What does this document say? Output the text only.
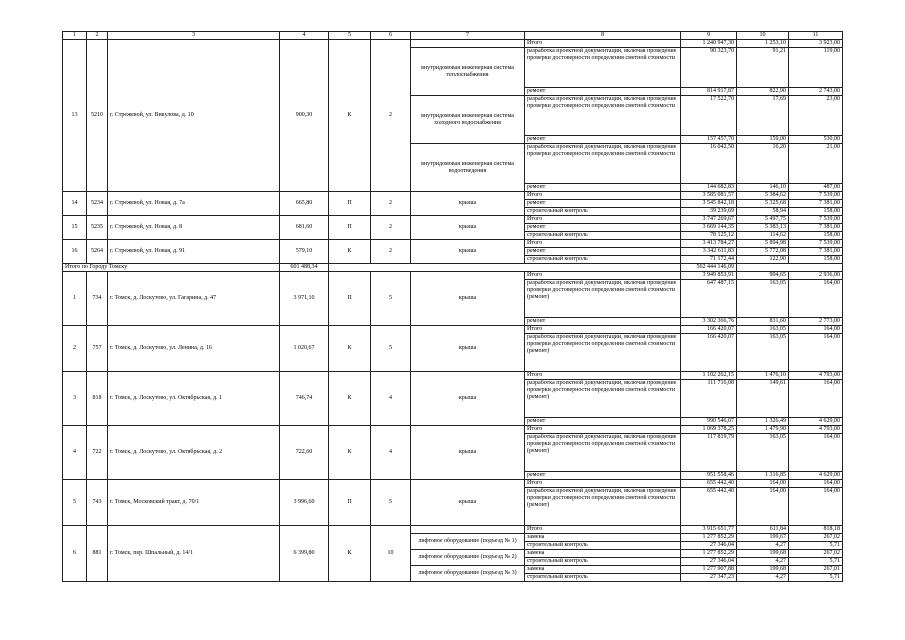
1	2	3	4	5	6	7	8	9	10	11
13	5210	г. Стрежевой, ул. Викулова, д. 10	900,30	К	2		Итого	1 240 947,30	1 253,10	3 923,00
						внутридомовая инженерная система теплоснабжения	разработка проектной документации, включая проведение проверки достоверности определения сметной стоимости	90 323,70	91,21	119,00
							ремонт	814 917,87	822,90	2 743,00
						внутридомовая инженерная система холодного водоснабжения	разработка проектной документации, включая проведение проверки достоверности определения сметной стоимости	17 522,70	17,69	23,00
							ремонт	157 457,70	159,00	530,00
						внутридомовая инженерная система водоотведения	разработка проектной документации, включая проведение проверки достоверности определения сметной стоимости	16 042,50	16,20	21,00
							ремонт	144 682,83	146,10	487,00
14	5234	г. Стрежевой, ул. Новая, д. 7а	665,80	П	2	крыша	Итого	3 585 081,57	5 384,62	7 539,00
							ремонт	3 545 842,18	5 325,68	7 381,00
							строительный контроль	39 239,69	58,94	158,00
15	5235	г. Стрежевой, ул. Новая, д. 8	681,60	П	2	крыша	Итого	3 747 269,67	5 497,75	7 539,00
							ремонт	3 669 144,35	5 383,13	7 381,00
							строительный контроль	78 125,12	114,62	158,00
16	5264	г. Стрежевой, ул. Новая, д. 91	579,10	К	2	крыша	Итого	3 413 784,27	5 894,98	7 539,00
							ремонт	3 342 611,83	5 772,08	7 381,00
							строительный контроль	71 172,44	122,90	158,00
Итого по Городу Томску			601 488,34					562 444 146,09		
1	734	г. Томск, д. Лоскутово, ул. Гагарина, д. 47	3 971,10	П	5	крыша	Итого	3 949 853,91	994,65	2 936,00
							разработка проектной документации, включая проведение проверки достоверности определения сметной стоимости (ремонт)	647 487,15	163,05	164,00
							ремонт	3 302 366,76	831,60	2 773,00
2	757	г. Томск, д. Лоскутово, ул. Ленина, д. 16	1 020,67	К	5	крыша	Итого	166 420,07	163,05	164,00
							разработка проектной документации, включая проведение проверки достоверности определения сметной стоимости (ремонт)	166 420,07	163,05	164,00
3	818	г. Томск, д. Лоскутово, ул. Октябрьская, д. 1	746,74	К	4	крыша	Итого	1 102 262,15	1 476,10	4 793,00
							разработка проектной документации, включая проведение проверки достоверности определения сметной стоимости (ремонт)	111 716,08	149,61	164,00
							ремонт	990 546,07	1 326,49	4 629,00
4	722	г. Томск, д. Лоскутово, ул. Октябрьская, д. 2	722,60	К	4	крыша	Итого	1 069 378,25	1 479,90	4 793,00
							разработка проектной документации, включая проведение проверки достоверности определения сметной стоимости (ремонт)	117 819,79	163,05	164,00
							ремонт	951 558,46	1 316,85	4 629,00
5	743	г. Томск, Московский тракт, д. 70/1	3 996,60	П	5	крыша	Итого	655 442,40	164,00	164,00
							разработка проектной документации, включая проведение проверки достоверности определения сметной стоимости (ремонт)	655 442,40	164,00	164,00
6	881	г. Томск, пер. Шпальный, д. 14/1	6 399,80	К	10		Итого	3 915 651,77	611,84	818,18
						лифтовое оборудование (подъезд № 1)	замена	1 277 852,29	199,67	267,02
							строительный контроль	27 346,04	4,27	5,71
						лифтовое оборудование (подъезд № 2)	замена	1 277 852,29	199,68	267,02
							строительный контроль	27 346,04	4,27	5,71
						лифтовое оборудование (подъезд № 3)	замена	1 277 907,88	199,68	267,01
							строительный контроль	27 347,23	4,27	5,71
